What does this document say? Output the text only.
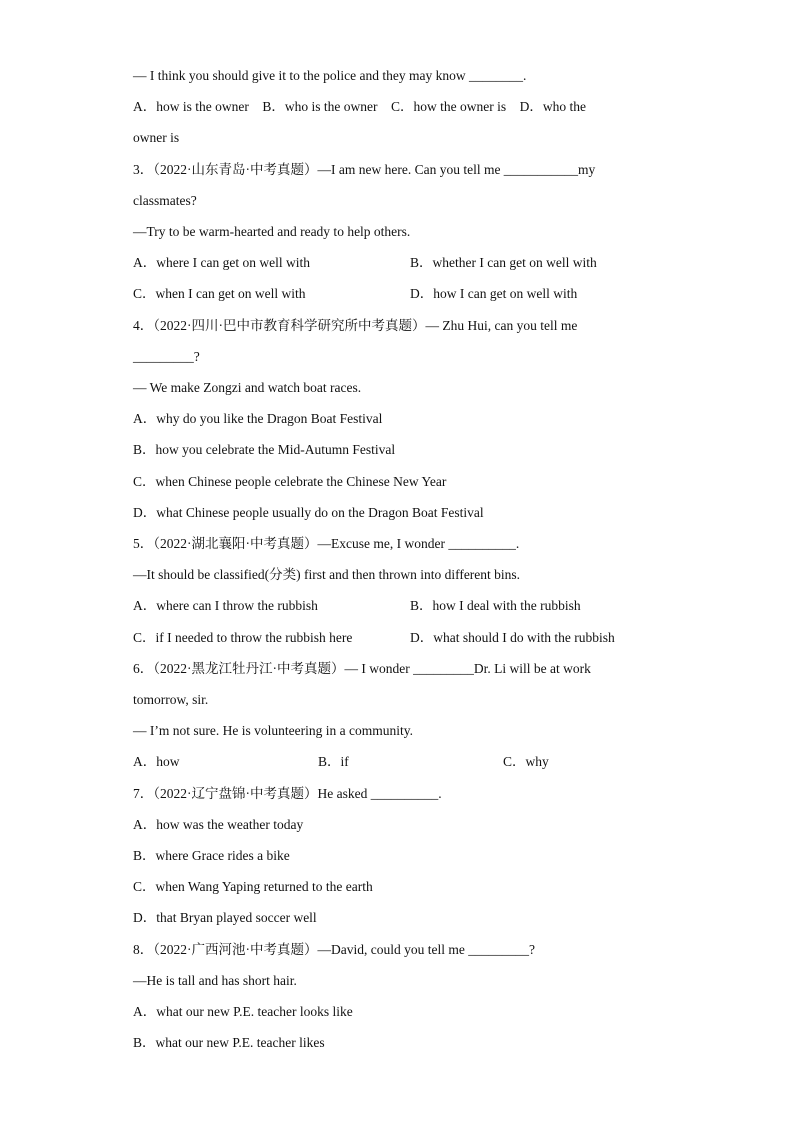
— I think you should give it to the police and they may know ________.
A．how is the owner    B．who is the owner    C．how the owner is    D．who the
owner is
3．（2022·山东青岛·中考真题）—I am new here. Can you tell me ___________my
classmates?
—Try to be warm-hearted and ready to help others.
A．where I can get on well with	B．whether I can get on well with
C．when I can get on well with	D．how I can get on well with
4．（2022·四川·巴中市教育科学研究所中考真题）— Zhu Hui, can you tell me
_________?
— We make Zongzi and watch boat races.
A．why do you like the Dragon Boat Festival
B．how you celebrate the Mid-Autumn Festival
C．when Chinese people celebrate the Chinese New Year
D．what Chinese people usually do on the Dragon Boat Festival
5．（2022·湖北襄阳·中考真题）—Excuse me, I wonder __________.
—It should be classified(分类) first and then thrown into different bins.
A．where can I throw the rubbish	B．how I deal with the rubbish
C．if I needed to throw the rubbish here	D．what should I do with the rubbish
6．（2022·黑龙江牡丹江·中考真题）— I wonder _________Dr. Li will be at work
tomorrow, sir.
— I’m not sure. He is volunteering in a community.
A．how	B．if	C．why
7．（2022·辽宁盘锦·中考真题）He asked __________.
A．how was the weather today
B．where Grace rides a bike
C．when Wang Yaping returned to the earth
D．that Bryan played soccer well
8．（2022·广西河池·中考真题）—David, could you tell me _________?
—He is tall and has short hair.
A．what our new P.E. teacher looks like
B．what our new P.E. teacher likes
